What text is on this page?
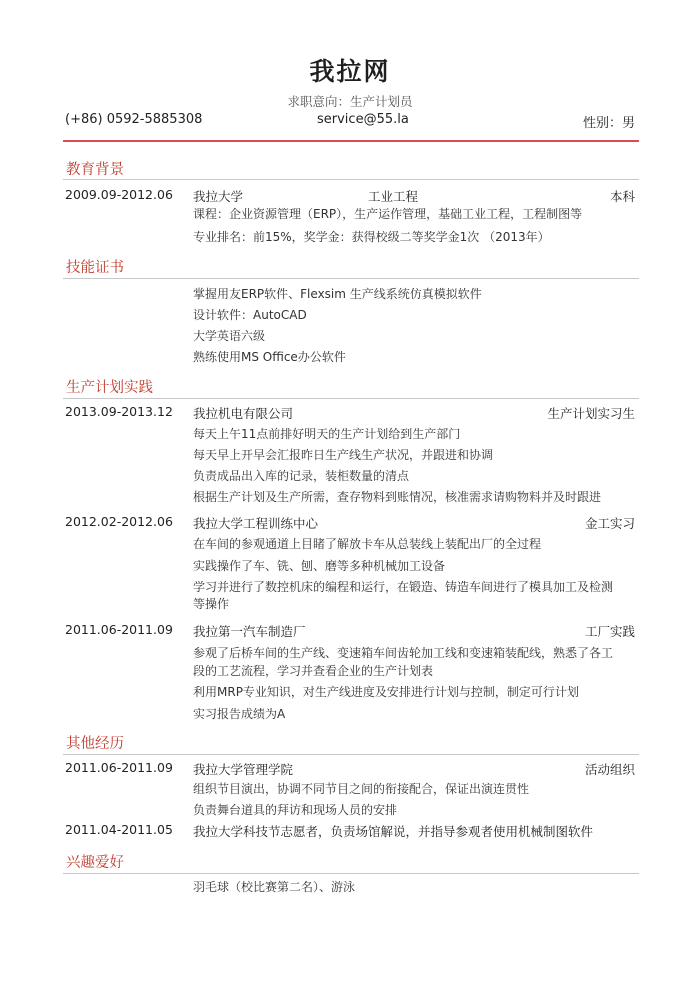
我拉网
求职意向：生产计划员
(+86) 0592-5885308	service@55.la	性别：男
教育背景
2009.09-2012.06 我拉大学	工业工程	本科
课程：企业资源管理（ERP），生产运作管理，基础工业工程，工程制图等
专业排名：前15%，奖学金：获得校级二等奖学金1次 （2013年）
技能证书
掌握用友ERP软件、Flexsim 生产线系统仿真模拟软件
设计软件：AutoCAD
大学英语六级
熟练使用MS Office办公软件
生产计划实践
2013.09-2013.12 我拉机电有限公司	生产计划实习生
每天上午11点前排好明天的生产计划给到生产部门
每天早上开早会汇报昨日生产线生产状况，并跟进和协调
负责成品出入库的记录，装柜数量的清点
根据生产计划及生产所需，查存物料到账情况，核准需求请购物料并及时跟进
2012.02-2012.06 我拉大学工程训练中心	金工实习
在车间的参观通道上目睹了解放卡车从总装线上装配出厂的全过程
实践操作了车、铣、刨、磨等多种机械加工设备
学习并进行了数控机床的编程和运行，在锻造、铸造车间进行了模具加工及检测
等操作
2011.06-2011.09 我拉第一汽车制造厂	工厂实践
参观了后桥车间的生产线、变速箱车间齿轮加工线和变速箱装配线，熟悉了各工
段的工艺流程，学习并查看企业的生产计划表
利用MRP专业知识，对生产线进度及安排进行计划与控制，制定可行计划
实习报告成绩为A
其他经历
2011.06-2011.09 我拉大学管理学院	活动组织
组织节目演出，协调不同节目之间的衔接配合，保证出演连贯性
负责舞台道具的拜访和现场人员的安排
2011.04-2011.05 我拉大学科技节志愿者，负责场馆解说，并指导参观者使用机械制图软件
兴趣爱好
羽毛球（校比赛第二名）、游泳
